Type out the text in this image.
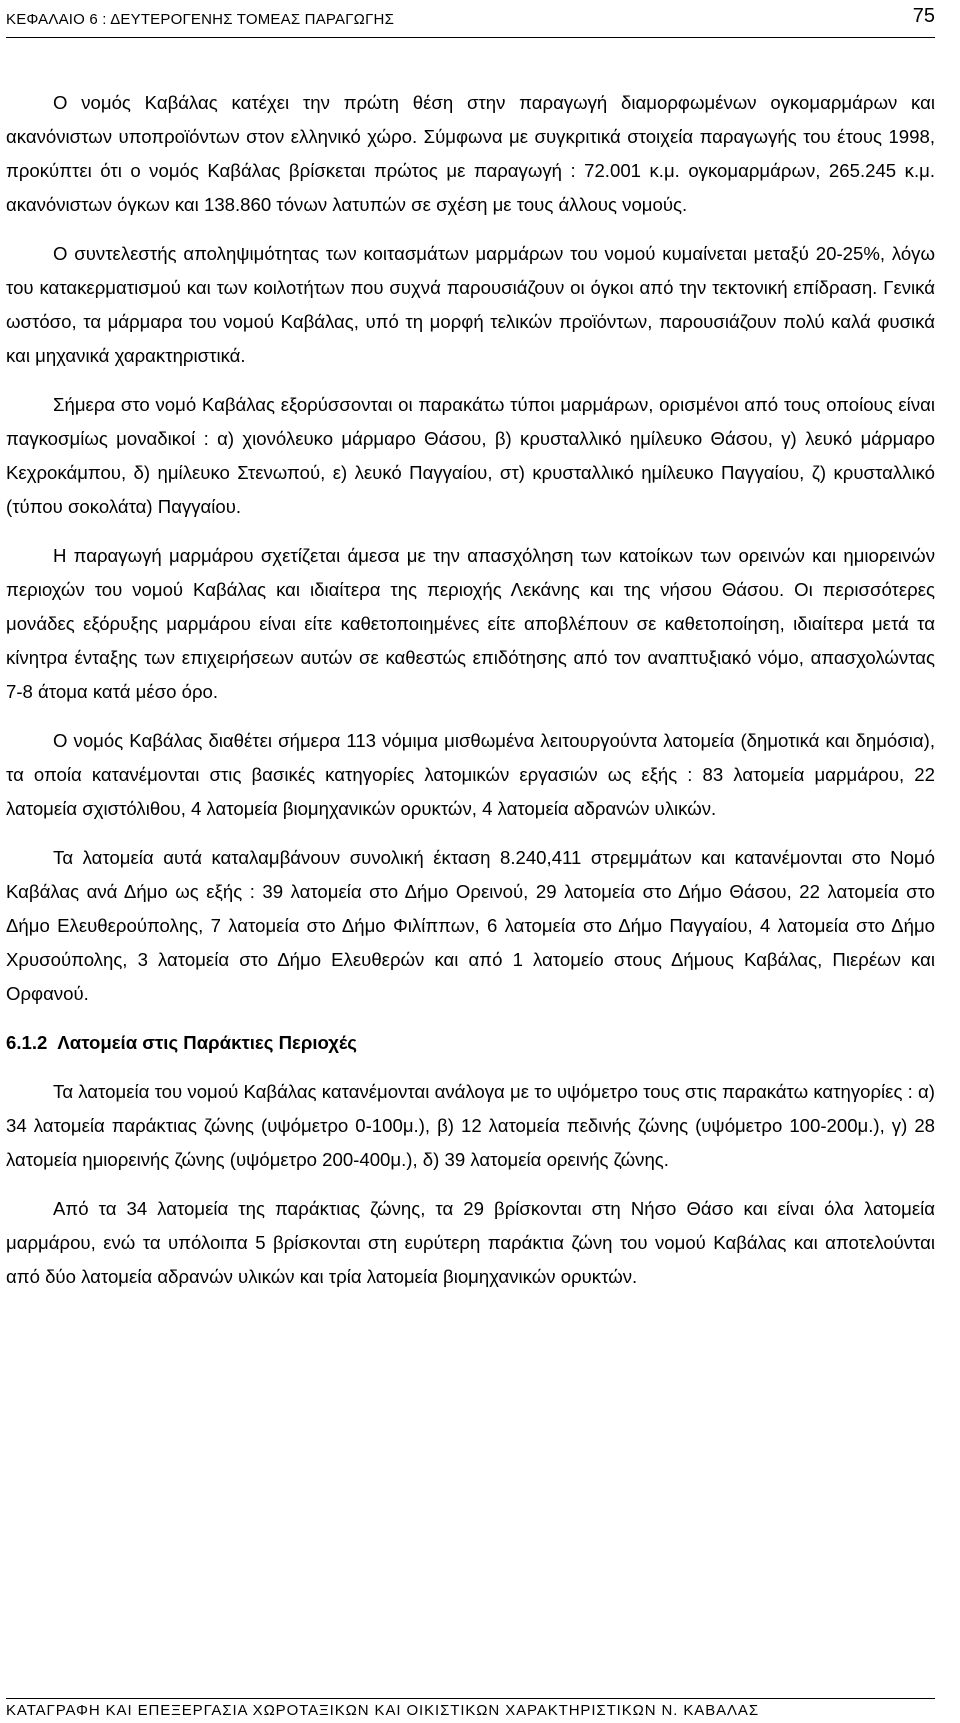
ΚΕΦΑΛΑΙΟ 6 : ΔΕΥΤΕΡΟΓΕΝΗΣ ΤΟΜΕΑΣ ΠΑΡΑΓΩΓΗΣ	75

Ο νομός Καβάλας κατέχει την πρώτη θέση στην παραγωγή διαμορφωμένων ογκομαρμάρων και ακανόνιστων υποπροϊόντων στον ελληνικό χώρο. Σύμφωνα με συγκριτικά στοιχεία παραγωγής του έτους 1998, προκύπτει ότι ο νομός Καβάλας βρίσκεται πρώτος με παραγωγή : 72.001 κ.μ. ογκομαρμάρων, 265.245 κ.μ. ακανόνιστων όγκων και 138.860 τόνων λατυπών σε σχέση με τους άλλους νομούς.

Ο συντελεστής αποληψιμότητας των κοιτασμάτων μαρμάρων του νομού κυμαίνεται μεταξύ 20-25%, λόγω του κατακερματισμού και των κοιλοτήτων που συχνά παρουσιάζουν οι όγκοι από την τεκτονική επίδραση. Γενικά ωστόσο, τα μάρμαρα του νομού Καβάλας, υπό τη μορφή τελικών προϊόντων, παρουσιάζουν πολύ καλά φυσικά και μηχανικά χαρακτηριστικά.

Σήμερα στο νομό Καβάλας εξορύσσονται οι παρακάτω τύποι μαρμάρων, ορισμένοι από τους οποίους είναι παγκοσμίως μοναδικοί : α) χιονόλευκο μάρμαρο Θάσου, β) κρυσταλλικό ημίλευκο Θάσου, γ) λευκό μάρμαρο Κεχροκάμπου, δ) ημίλευκο Στενωπού, ε) λευκό Παγγαίου, στ) κρυσταλλικό ημίλευκο Παγγαίου, ζ) κρυσταλλικό (τύπου σοκολάτα) Παγγαίου.

Η παραγωγή μαρμάρου σχετίζεται άμεσα με την απασχόληση των κατοίκων των ορεινών και ημιορεινών περιοχών του νομού Καβάλας και ιδιαίτερα της περιοχής Λεκάνης και της νήσου Θάσου. Οι περισσότερες μονάδες εξόρυξης μαρμάρου είναι είτε καθετοποιημένες είτε αποβλέπουν σε καθετοποίηση, ιδιαίτερα μετά τα κίνητρα ένταξης των επιχειρήσεων αυτών σε καθεστώς επιδότησης από τον αναπτυξιακό νόμο, απασχολώντας 7-8 άτομα κατά μέσο όρο.

Ο νομός Καβάλας διαθέτει σήμερα 113 νόμιμα μισθωμένα λειτουργούντα λατομεία (δημοτικά και δημόσια), τα οποία κατανέμονται στις βασικές κατηγορίες λατομικών εργασιών ως εξής : 83 λατομεία μαρμάρου, 22 λατομεία σχιστόλιθου, 4 λατομεία βιομηχανικών ορυκτών, 4 λατομεία αδρανών υλικών.

Τα λατομεία αυτά καταλαμβάνουν συνολική έκταση 8.240,411 στρεμμάτων και κατανέμονται στο Νομό Καβάλας ανά Δήμο ως εξής : 39 λατομεία στο Δήμο Ορεινού, 29 λατομεία στο Δήμο Θάσου, 22 λατομεία στο Δήμο Ελευθερούπολης, 7 λατομεία στο Δήμο Φιλίππων, 6 λατομεία στο Δήμο Παγγαίου, 4 λατομεία στο Δήμο Χρυσούπολης, 3 λατομεία στο Δήμο Ελευθερών και από 1 λατομείο στους Δήμους Καβάλας, Πιερέων και Ορφανού.

6.1.2 Λατομεία στις Παράκτιες Περιοχές

Τα λατομεία του νομού Καβάλας κατανέμονται ανάλογα με το υψόμετρο τους στις παρακάτω κατηγορίες : α) 34 λατομεία παράκτιας ζώνης (υψόμετρο 0-100μ.), β) 12 λατομεία πεδινής ζώνης (υψόμετρο 100-200μ.), γ) 28 λατομεία ημιορεινής ζώνης (υψόμετρο 200-400μ.), δ) 39 λατομεία ορεινής ζώνης.

Από τα 34 λατομεία της παράκτιας ζώνης, τα 29 βρίσκονται στη Νήσο Θάσο και είναι όλα λατομεία μαρμάρου, ενώ τα υπόλοιπα 5 βρίσκονται στη ευρύτερη παράκτια ζώνη του νομού Καβάλας και αποτελούνται από δύο λατομεία αδρανών υλικών και τρία λατομεία βιομηχανικών ορυκτών.

ΚΑΤΑΓΡΑΦΗ ΚΑΙ ΕΠΕΞΕΡΓΑΣΙΑ ΧΩΡΟΤΑΞΙΚΩΝ ΚΑΙ ΟΙΚΙΣΤΙΚΩΝ ΧΑΡΑΚΤΗΡΙΣΤΙΚΩΝ Ν. ΚΑΒΑΛΑΣ
